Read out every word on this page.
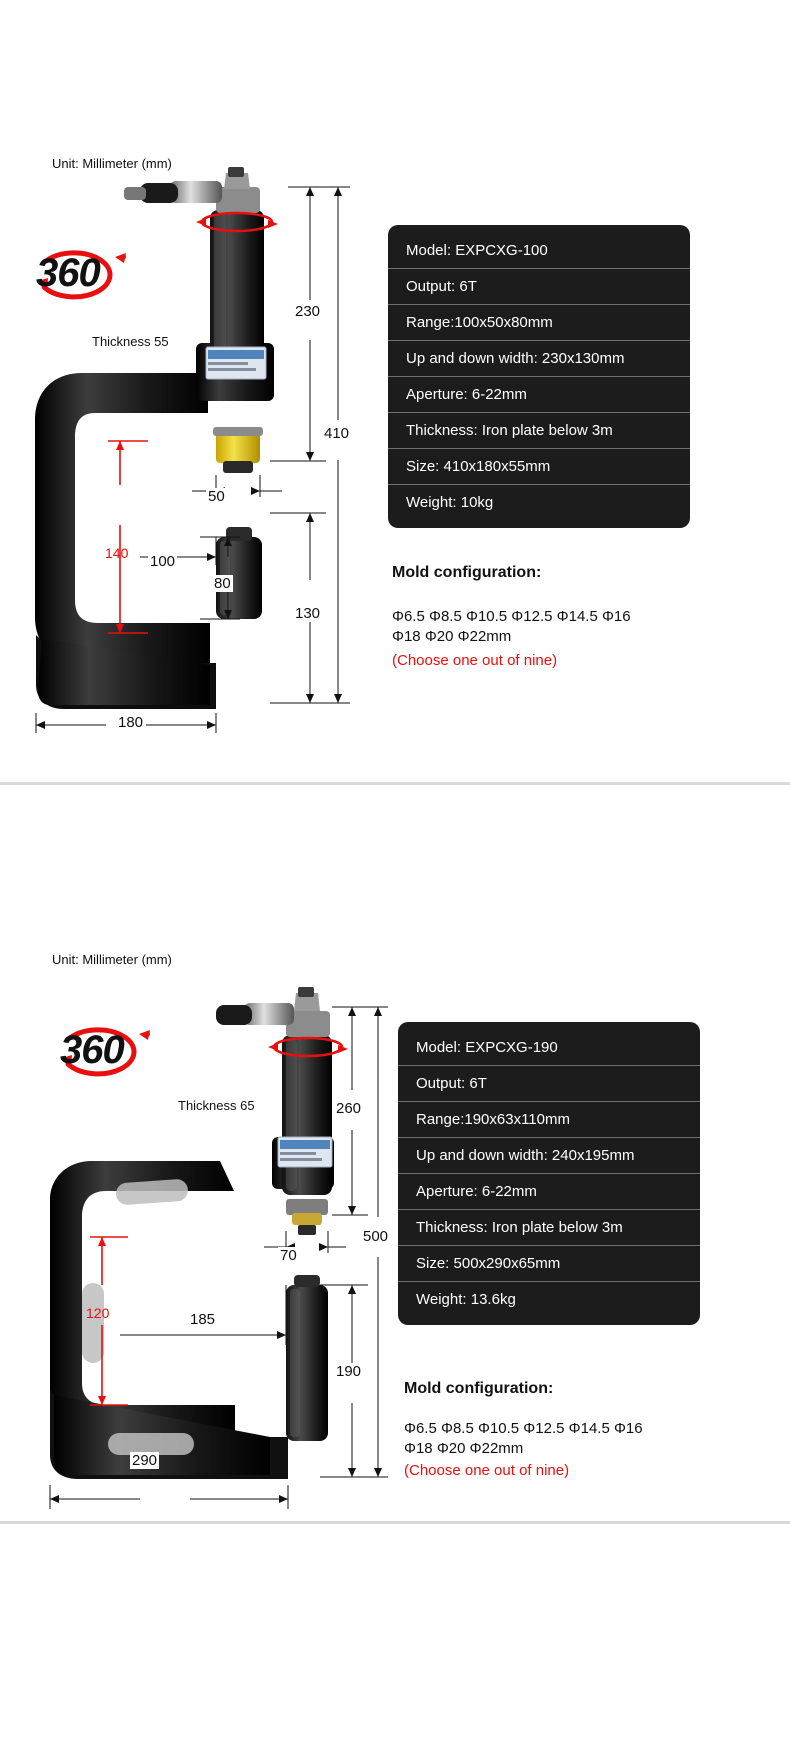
Unit: Millimeter (mm)
360 °
Thickness 55
230
410
50
140 100
80
130
180
Model: EXPCXG-100
Output: 6T
Range:100x50x80mm
Up and down width: 230x130mm
Aperture: 6-22mm
Thickness: Iron plate below 3m
Size: 410x180x55mm
Weight: 10kg
Mold configuration:
Φ6.5 Φ8.5 Φ10.5 Φ12.5 Φ14.5 Φ16
Φ18 Φ20 Φ22mm
(Choose one out of nine)
Unit: Millimeter (mm)
360 °
Thickness 65	260
500
70
120	185
190
290
Model: EXPCXG-190
Output: 6T
Range:190x63x110mm
Up and down width: 240x195mm
Aperture: 6-22mm
Thickness: Iron plate below 3m
Size: 500x290x65mm
Weight: 13.6kg
Mold configuration:
Φ6.5 Φ8.5 Φ10.5 Φ12.5 Φ14.5 Φ16
Φ18 Φ20 Φ22mm
(Choose one out of nine)
